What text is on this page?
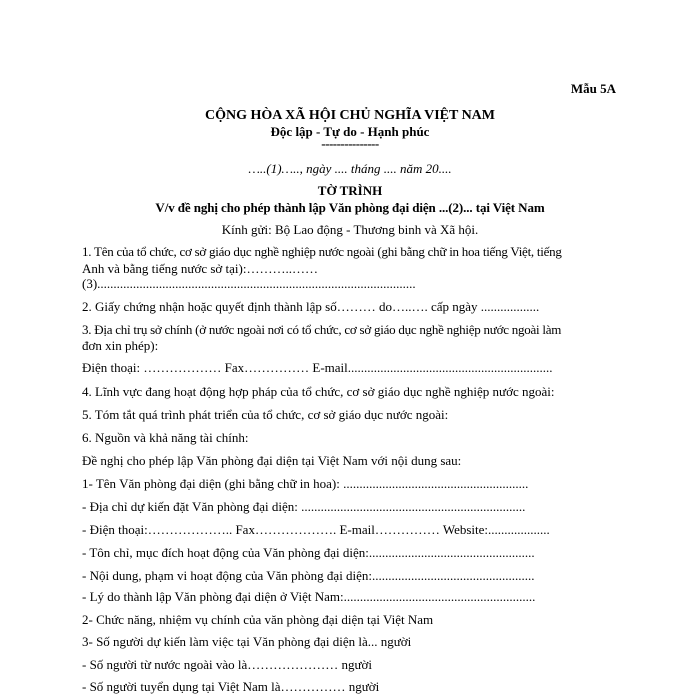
Mẫu 5A
CỘNG HÒA XÃ HỘI CHỦ NGHĨA VIỆT NAM
Độc lập - Tự do - Hạnh phúc
---------------
…..(1)….., ngày .... tháng .... năm 20....
TỜ TRÌNH
V/v đề nghị cho phép thành lập Văn phòng đại diện ...(2)... tại Việt Nam
Kính gửi: Bộ Lao động - Thương binh và Xã hội.
1. Tên của tổ chức, cơ sở giáo dục nghề nghiệp nước ngoài (ghi bằng chữ in hoa tiếng Việt, tiếng
Anh và bằng tiếng nước sở tại):………..……
(3)..................................................................................................
2. Giấy chứng nhận hoặc quyết định thành lập số……… do…..…. cấp ngày ..................
3. Địa chỉ trụ sở chính (ở nước ngoài nơi có tổ chức, cơ sở giáo dục nghề nghiệp nước ngoài làm
đơn xin phép):
Điện thoại: ……………… Fax…………… E-mail...............................................................
4. Lĩnh vực đang hoạt động hợp pháp của tổ chức, cơ sở giáo dục nghề nghiệp nước ngoài:
5. Tóm tắt quá trình phát triển của tổ chức, cơ sở giáo dục nước ngoài:
6. Nguồn và khả năng tài chính:
Đề nghị cho phép lập Văn phòng đại diện tại Việt Nam với nội dung sau:
1- Tên Văn phòng đại diện (ghi bằng chữ in hoa): .........................................................
- Địa chỉ dự kiến đặt Văn phòng đại diện: .....................................................................
- Điện thoại:……………….. Fax………………. E-mail…………… Website:...................
- Tôn chỉ, mục đích hoạt động của Văn phòng đại diện:...................................................
- Nội dung, phạm vi hoạt động của Văn phòng đại diện:..................................................
- Lý do thành lập Văn phòng đại diện ở Việt Nam:...........................................................
2- Chức năng, nhiệm vụ chính của văn phòng đại diện tại Việt Nam
3- Số người dự kiến làm việc tại Văn phòng đại diện là... người
- Số người từ nước ngoài vào là………………… người
- Số người tuyển dụng tại Việt Nam là…………… người
